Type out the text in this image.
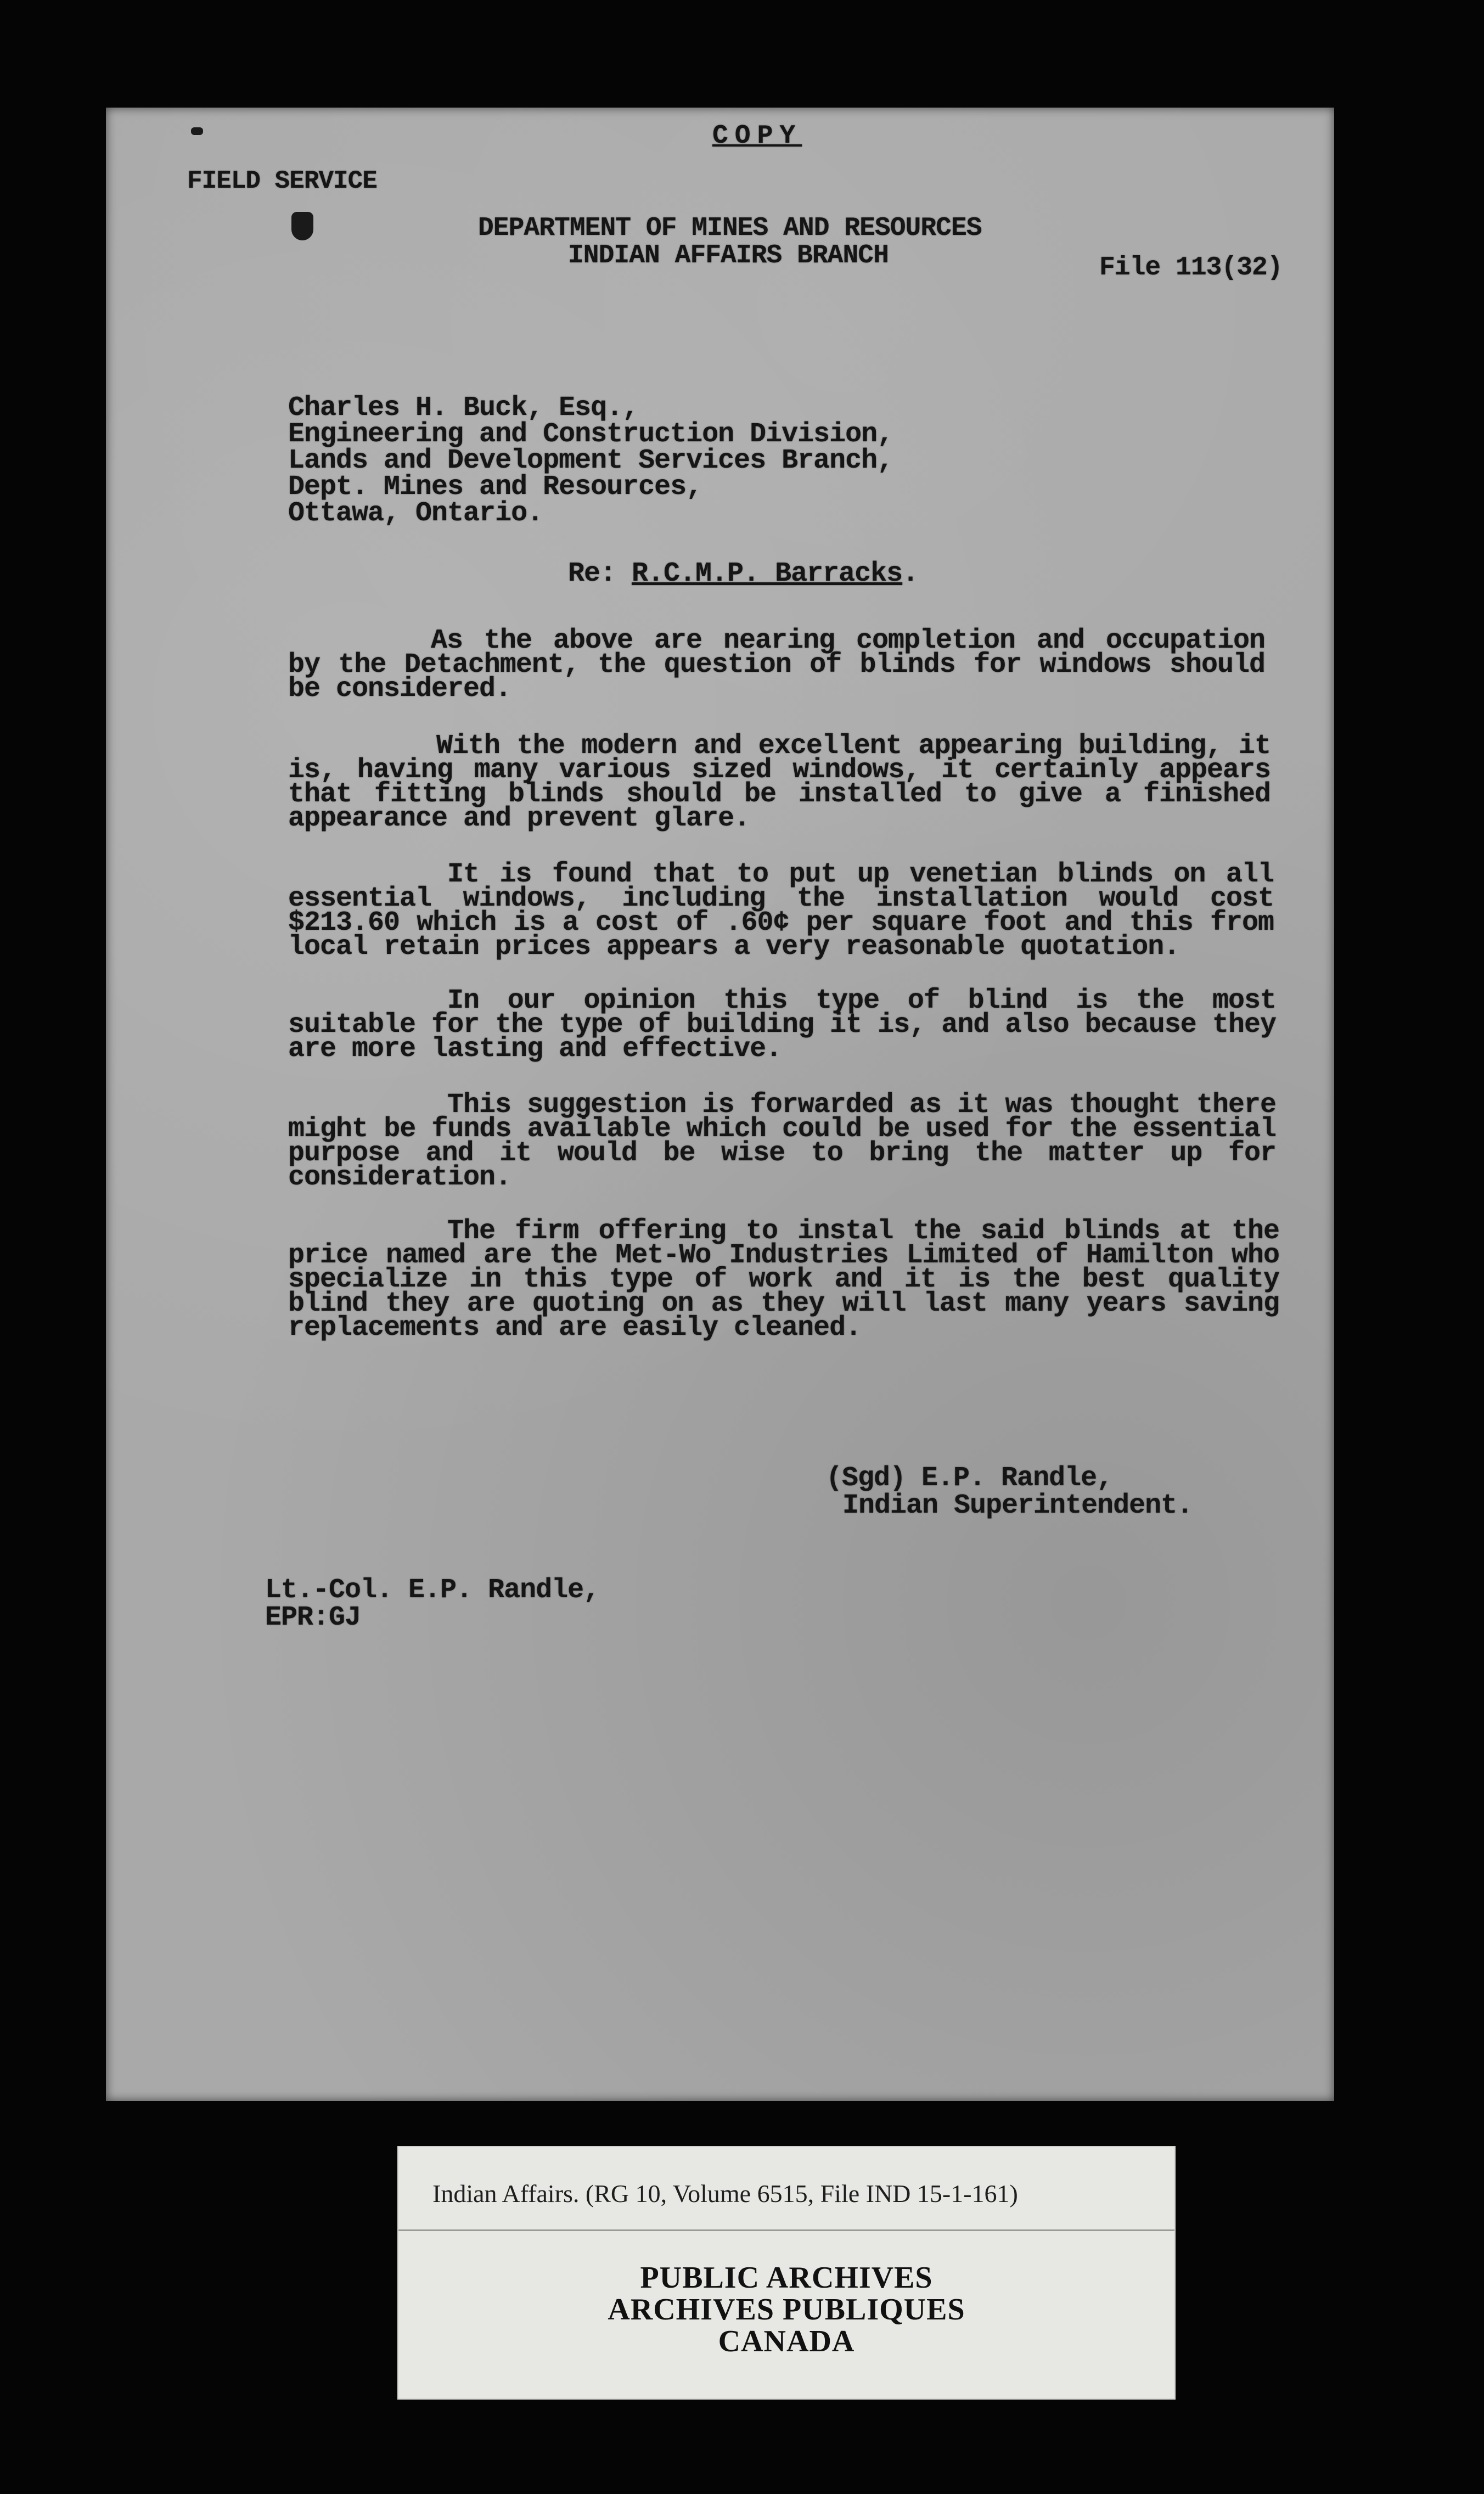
COPY
FIELD SERVICE
DEPARTMENT OF MINES AND RESOURCES
INDIAN AFFAIRS BRANCH	File 113(32)
Charles H. Buck, Esq.,
Engineering and Construction Division,
Lands and Development Services Branch,
Dept. Mines and Resources,
Ottawa, Ontario.
Re: R.C.M.P. Barracks.
As the above are nearing completion and occupation by the Detachment, the question of blinds for windows should be considered.
With the modern and excellent appearing building, it is, having many various sized windows, it certainly appears that fitting blinds should be installed to give a finished appearance and prevent glare.
It is found that to put up venetian blinds on all essential windows, including the installation would cost $213.60 which is a cost of .60¢ per square foot and this from local retain prices appears a very reasonable quotation.
In our opinion this type of blind is the most suitable for the type of building it is, and also because they are more lasting and effective.
This suggestion is forwarded as it was thought there might be funds available which could be used for the essential purpose and it would be wise to bring the matter up for consideration.
The firm offering to instal the said blinds at the price named are the Met-Wo Industries Limited of Hamilton who specialize in this type of work and it is the best quality blind they are quoting on as they will last many years saving replacements and are easily cleaned.
(Sgd) E.P. Randle,
Indian Superintendent.
Lt.-Col. E.P. Randle,
EPR:GJ
Indian Affairs. (RG 10, Volume 6515, File IND 15-1-161)
PUBLIC ARCHIVES
ARCHIVES PUBLIQUES
CANADA
